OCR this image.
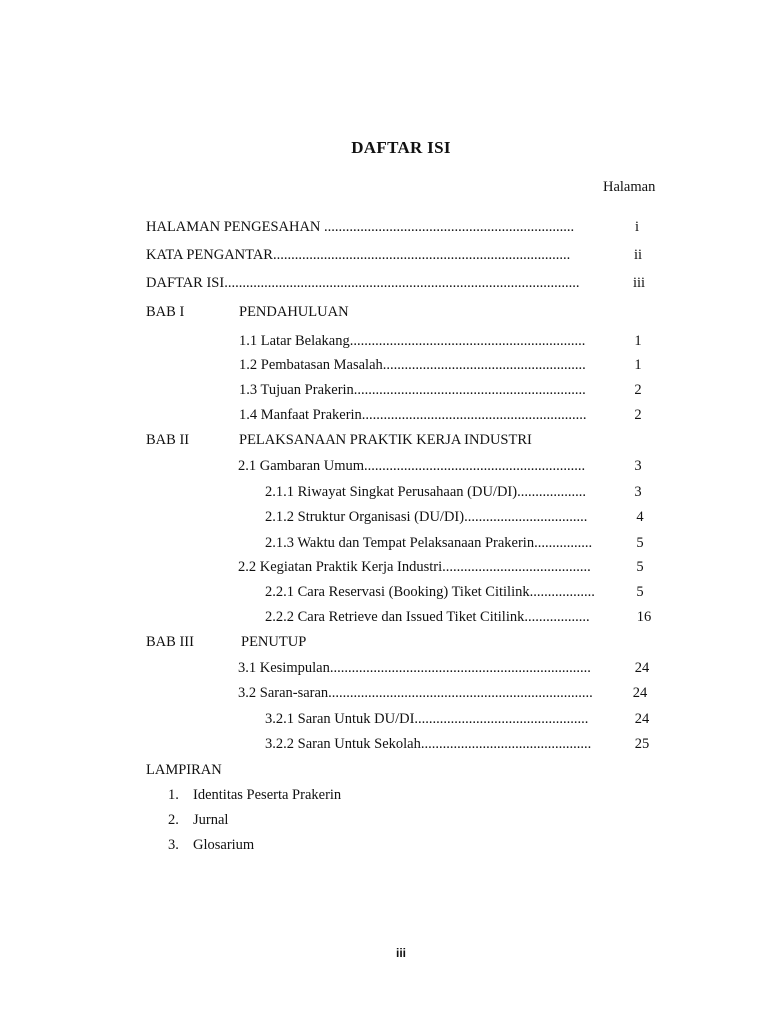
DAFTAR ISI
Halaman
HALAMAN PENGESAHAN .....................................................................	i
KATA PENGANTAR..................................................................................	ii
DAFTAR ISI..................................................................................................	iii
BAB I	PENDAHULUAN
1.1 Latar Belakang.................................................................	1
1.2 Pembatasan Masalah........................................................	1
1.3 Tujuan Prakerin................................................................	2
1.4 Manfaat Prakerin..............................................................	2
BAB II	PELAKSANAAN PRAKTIK KERJA INDUSTRI
2.1 Gambaran Umum.............................................................	3
2.1.1 Riwayat Singkat Perusahaan (DU/DI)...................	3
2.1.2 Struktur Organisasi (DU/DI)..................................	4
2.1.3 Waktu dan Tempat Pelaksanaan Prakerin................	5
2.2 Kegiatan Praktik Kerja Industri.........................................	5
2.2.1 Cara Reservasi (Booking) Tiket Citilink..................	5
2.2.2 Cara Retrieve dan Issued Tiket Citilink..................	16
BAB III	PENUTUP
3.1 Kesimpulan........................................................................	24
3.2 Saran-saran.........................................................................	24
3.2.1 Saran Untuk DU/DI................................................	24
3.2.2 Saran Untuk Sekolah...............................................	25
LAMPIRAN
1. Identitas Peserta Prakerin
2. Jurnal
3. Glosarium
iii
